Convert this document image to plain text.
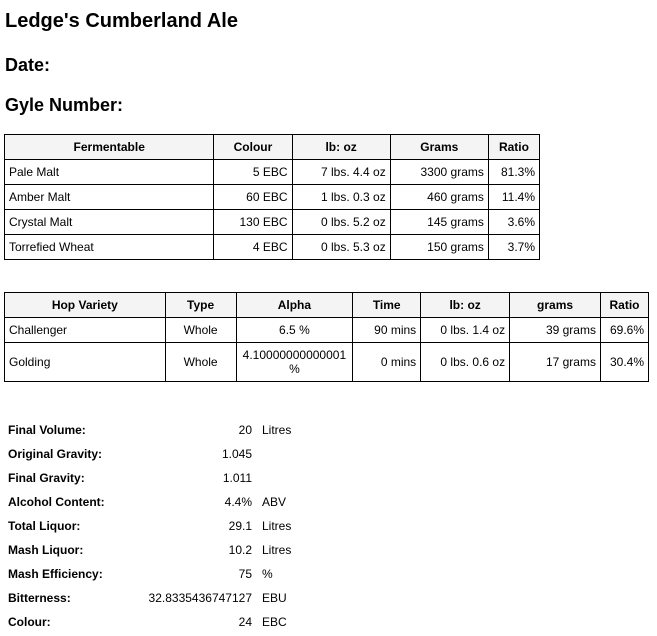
Ledge's Cumberland Ale
Date:
Gyle Number:
Fermentable	Colour	lb: oz	Grams	Ratio
Pale Malt	5 EBC	7 lbs. 4.4 oz	3300 grams	81.3%
Amber Malt	60 EBC	1 lbs. 0.3 oz	460 grams	11.4%
Crystal Malt	130 EBC	0 lbs. 5.2 oz	145 grams	3.6%
Torrefied Wheat	4 EBC	0 lbs. 5.3 oz	150 grams	3.7%
Hop Variety	Type	Alpha	Time	lb: oz	grams	Ratio
Challenger	Whole	6.5 %	90 mins	0 lbs. 1.4 oz	39 grams	69.6%
Golding	Whole	4.10000000000001 %	0 mins	0 lbs. 0.6 oz	17 grams	30.4%
Final Volume:	20	Litres
Original Gravity:	1.045	
Final Gravity:	1.011	
Alcohol Content:	4.4%	ABV
Total Liquor:	29.1	Litres
Mash Liquor:	10.2	Litres
Mash Efficiency:	75	%
Bitterness:	32.8335436747127	EBU
Colour:	24	EBC
